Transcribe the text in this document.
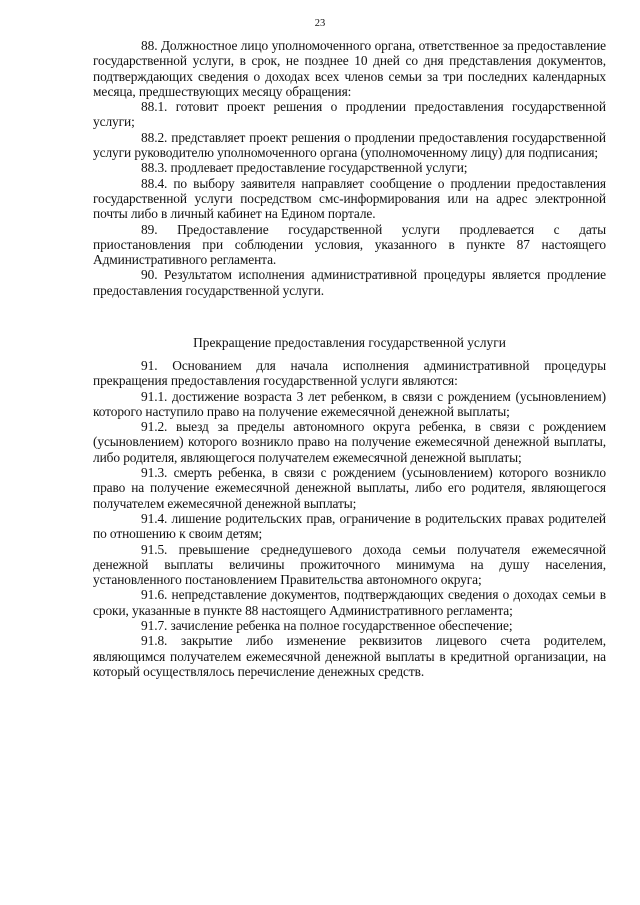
23

88. Должностное лицо уполномоченного органа, ответственное за предоставление государственной услуги, в срок, не позднее 10 дней со дня представления документов, подтверждающих сведения о доходах всех членов семьи за три последних календарных месяца, предшествующих месяцу обращения:

88.1. готовит проект решения о продлении предоставления государственной услуги;

88.2. представляет проект решения о продлении предоставления государственной услуги руководителю уполномоченного органа (уполномоченному лицу) для подписания;

88.3. продлевает предоставление государственной услуги;

88.4. по выбору заявителя направляет сообщение о продлении предоставления государственной услуги посредством смс-информирования или на адрес электронной почты либо в личный кабинет на Едином портале.

89. Предоставление государственной услуги продлевается с даты приостановления при соблюдении условия, указанного в пункте 87 настоящего Административного регламента.

90. Результатом исполнения административной процедуры является продление предоставления государственной услуги.

Прекращение предоставления государственной услуги

91. Основанием для начала исполнения административной процедуры прекращения предоставления государственной услуги являются:

91.1. достижение возраста 3 лет ребенком, в связи с рождением (усыновлением) которого наступило право на получение ежемесячной денежной выплаты;

91.2. выезд за пределы автономного округа ребенка, в связи с рождением (усыновлением) которого возникло право на получение ежемесячной денежной выплаты, либо родителя, являющегося получателем ежемесячной денежной выплаты;

91.3. смерть ребенка, в связи с рождением (усыновлением) которого возникло право на получение ежемесячной денежной выплаты, либо его родителя, являющегося получателем ежемесячной денежной выплаты;

91.4. лишение родительских прав, ограничение в родительских правах родителей по отношению к своим детям;

91.5. превышение среднедушевого дохода семьи получателя ежемесячной денежной выплаты величины прожиточного минимума на душу населения, установленного постановлением Правительства автономного округа;

91.6. непредставление документов, подтверждающих сведения о доходах семьи в сроки, указанные в пункте 88 настоящего Административного регламента;

91.7. зачисление ребенка на полное государственное обеспечение;

91.8. закрытие либо изменение реквизитов лицевого счета родителем, являющимся получателем ежемесячной денежной выплаты в кредитной организации, на который осуществлялось перечисление денежных средств.
